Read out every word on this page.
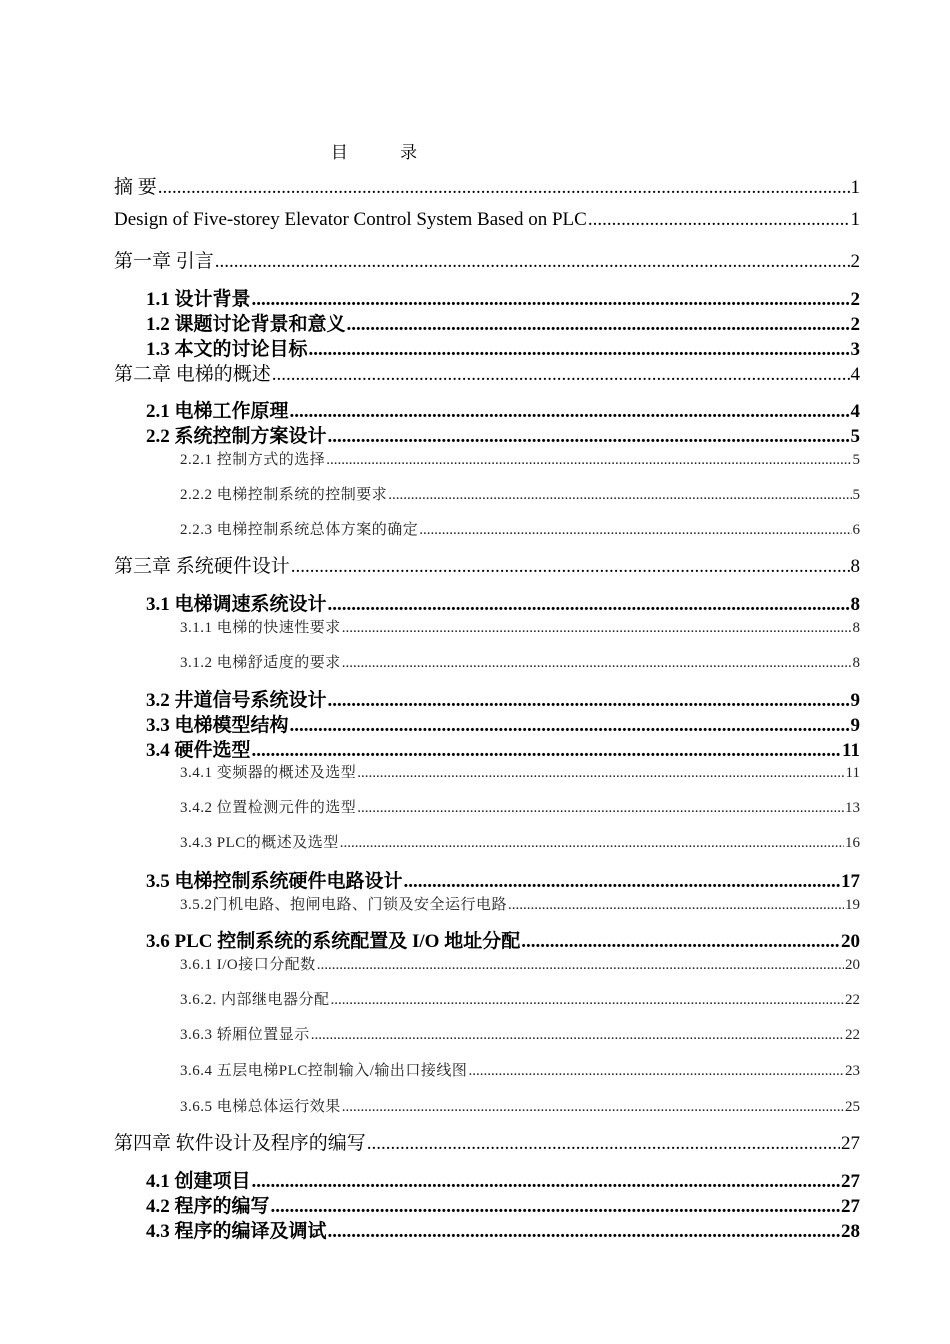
目 录
摘 要 .....	1
Design of Five-storey Elevator Control System Based on PLC .....	1
第一章 引言 .....	2
1.1 设计背景 .....	2
1.2 课题讨论背景和意义 .....	2
1.3 本文的讨论目标 .....	3
第二章 电梯的概述 .....	4
2.1 电梯工作原理 .....	4
2.2 系统控制方案设计 .....	5
2.2.1 控制方式的选择 .....	5
2.2.2 电梯控制系统的控制要求 .....	5
2.2.3 电梯控制系统总体方案的确定 .....	6
第三章 系统硬件设计 .....	8
3.1 电梯调速系统设计 .....	8
3.1.1 电梯的快速性要求 .....	8
3.1.2 电梯舒适度的要求 .....	8
3.2 井道信号系统设计 .....	9
3.3 电梯模型结构 .....	9
3.4 硬件选型 .....	11
3.4.1 变频器的概述及选型 .....	11
3.4.2 位置检测元件的选型 .....	13
3.4.3 PLC的概述及选型 .....	16
3.5 电梯控制系统硬件电路设计 .....	17
3.5.2门机电路、抱闸电路、门锁及安全运行电路 .....	19
3.6 PLC 控制系统的系统配置及 I/O 地址分配 .....	20
3.6.1 I/O接口分配数 .....	20
3.6.2. 内部继电器分配 .....	22
3.6.3 轿厢位置显示 .....	22
3.6.4 五层电梯PLC控制输入/输出口接线图 .....	23
3.6.5 电梯总体运行效果 .....	25
第四章 软件设计及程序的编写 .....	27
4.1 创建项目 .....	27
4.2 程序的编写 .....	27
4.3 程序的编译及调试 .....	28
